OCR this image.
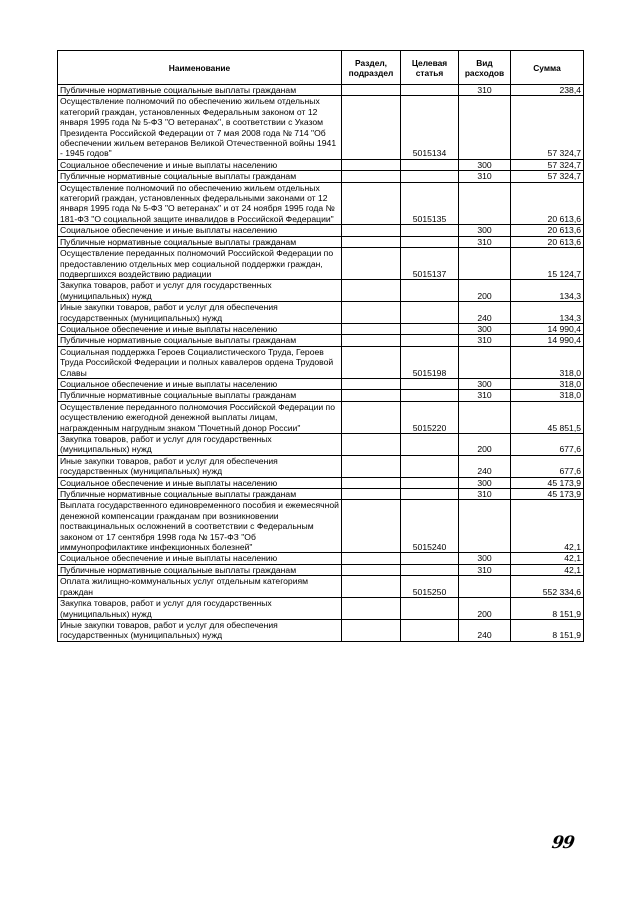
Наименование	Раздел, подраздел	Целевая статья	Вид расходов	Сумма
Публичные нормативные социальные выплаты гражданам			310	238,4
Осуществление полномочий по обеспечению жильем отдельных категорий граждан, установленных Федеральным законом от 12 января 1995 года № 5-ФЗ "О ветеранах", в соответствии с Указом Президента Российской Федерации от 7 мая 2008 года № 714 "Об обеспечении жильем ветеранов Великой Отечественной войны 1941 - 1945 годов"		5015134		57 324,7
Социальное обеспечение и иные выплаты населению			300	57 324,7
Публичные нормативные социальные выплаты гражданам			310	57 324,7
Осуществление полномочий по обеспечению жильем отдельных категорий граждан, установленных федеральными законами от 12 января 1995 года № 5-ФЗ "О ветеранах" и от 24 ноября 1995 года № 181-ФЗ "О социальной защите инвалидов в Российской Федерации"		5015135		20 613,6
Социальное обеспечение и иные выплаты населению			300	20 613,6
Публичные нормативные социальные выплаты гражданам			310	20 613,6
Осуществление переданных полномочий Российской Федерации по предоставлению отдельных мер социальной поддержки граждан, подвергшихся воздействию радиации		5015137		15 124,7
Закупка товаров, работ и услуг для государственных (муниципальных) нужд			200	134,3
Иные закупки товаров, работ и услуг для обеспечения государственных (муниципальных) нужд			240	134,3
Социальное обеспечение и иные выплаты населению			300	14 990,4
Публичные нормативные социальные выплаты гражданам			310	14 990,4
Социальная поддержка Героев Социалистического Труда, Героев Труда Российской Федерации и полных кавалеров ордена Трудовой Славы		5015198		318,0
Социальное обеспечение и иные выплаты населению			300	318,0
Публичные нормативные социальные выплаты гражданам			310	318,0
Осуществление переданного полномочия Российской Федерации по осуществлению ежегодной денежной выплаты лицам, награжденным нагрудным знаком "Почетный донор России"		5015220		45 851,5
Закупка товаров, работ и услуг для государственных (муниципальных) нужд			200	677,6
Иные закупки товаров, работ и услуг для обеспечения государственных (муниципальных) нужд			240	677,6
Социальное обеспечение и иные выплаты населению			300	45 173,9
Публичные нормативные социальные выплаты гражданам			310	45 173,9
Выплата государственного единовременного пособия и ежемесячной денежной компенсации гражданам при возникновении поствакцинальных осложнений в соответствии с Федеральным законом от 17 сентября 1998 года № 157-ФЗ "Об иммунопрофилактике инфекционных болезней"		5015240		42,1
Социальное обеспечение и иные выплаты населению			300	42,1
Публичные нормативные социальные выплаты гражданам			310	42,1
Оплата жилищно-коммунальных услуг отдельным категориям граждан		5015250		552 334,6
Закупка товаров, работ и услуг для государственных (муниципальных) нужд			200	8 151,9
Иные закупки товаров, работ и услуг для обеспечения государственных (муниципальных) нужд			240	8 151,9
99
